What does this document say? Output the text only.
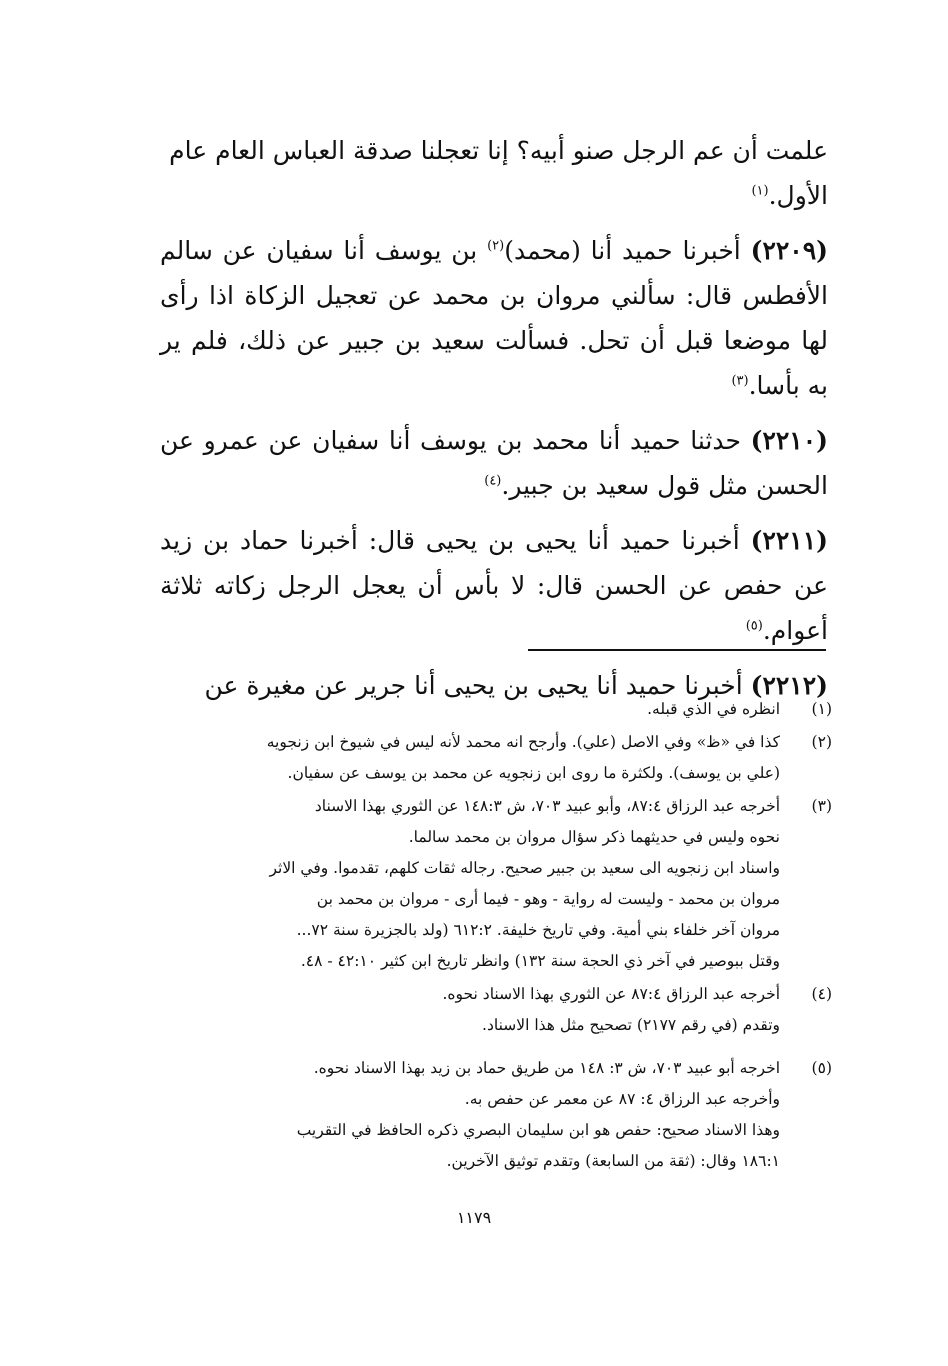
علمت أن عم الرجل صنو أبيه؟ إنا تعجلنا صدقة العباس العام عام

الأول.$^{(١)}$

(٢٢٠٩) أخبرنا حميد أنا (محمد)$^{(٢)}$ بن يوسف أنا سفيان عن سالم الأفطس قال: سألني مروان بن محمد عن تعجيل الزكاة اذا رأى لها موضعا قبل أن تحل. فسألت سعيد بن جبير عن ذلك، فلم ير به بأسا.$^{(٣)}$

(٢٢١٠) حدثنا حميد أنا محمد بن يوسف أنا سفيان عن عمرو عن الحسن مثل قول سعيد بن جبير.$^{(٤)}$

(٢٢١١) أخبرنا حميد أنا يحيى بن يحيى قال: أخبرنا حماد بن زيد عن حفص عن الحسن قال: لا بأس أن يعجل الرجل زكاته ثلاثة أعوام.$^{(٥)}$

(٢٢١٢) أخبرنا حميد أنا يحيى بن يحيى أنا جرير عن مغيرة عن

(١)
انظره في الذي قبله.
(٢)
كذا في «ظ» وفي الاصل (علي). وأرجح انه محمد لأنه ليس في شيوخ ابن زنجويه
(علي بن يوسف). ولكثرة ما روى ابن زنجويه عن محمد بن يوسف عن سفيان.
(٣)
أخرجه عبد الرزاق ٨٧:٤، وأبو عبيد ٧٠٣، ش ١٤٨:٣ عن الثوري بهذا الاسناد
نحوه وليس في حديثهما ذكر سؤال مروان بن محمد سالما.
واسناد ابن زنجويه الى سعيد بن جبير صحيح. رجاله ثقات كلهم، تقدموا. وفي الاثر
مروان بن محمد - وليست له رواية - وهو - فيما أرى - مروان بن محمد بن
مروان آخر خلفاء بني أمية. وفي تاريخ خليفة. ٦١٢:٢ (ولد بالجزيرة سنة ٧٢...
وقتل ببوصير في آخر ذي الحجة سنة ١٣٢) وانظر تاريخ ابن كثير ٤٢:١٠ - ٤٨.
(٤)
أخرجه عبد الرزاق ٨٧:٤ عن الثوري بهذا الاسناد نحوه.
وتقدم (في رقم ٢١٧٧) تصحيح مثل هذا الاسناد.
(٥)
اخرجه أبو عبيد ٧٠٣، ش ٣: ١٤٨ من طريق حماد بن زيد بهذا الاسناد نحوه.
وأخرجه عبد الرزاق ٤: ٨٧ عن معمر عن حفص به.
وهذا الاسناد صحيح: حفص هو ابن سليمان البصري ذكره الحافظ في التقريب
١٨٦:١ وقال: (ثقة من السابعة) وتقدم توثيق الآخرين.
١١٧٩
